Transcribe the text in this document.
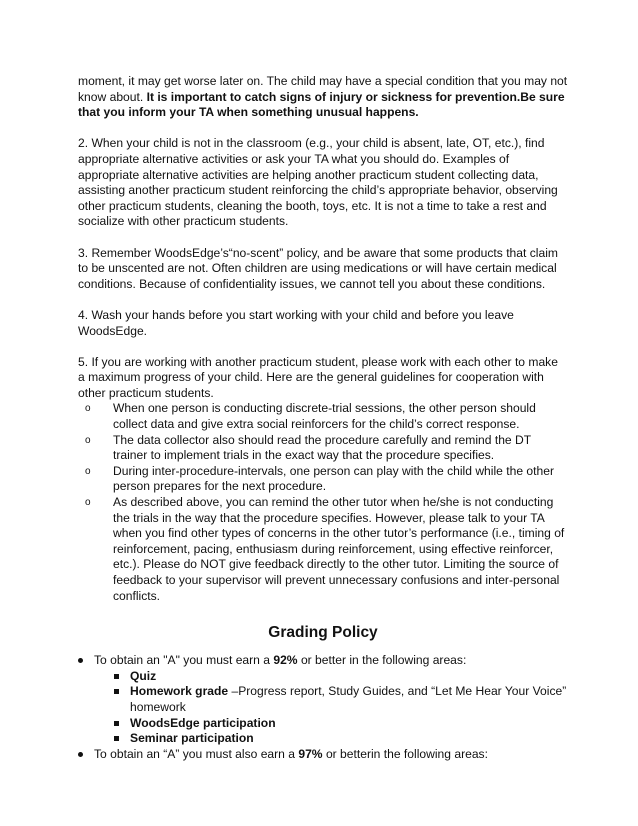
moment, it may get worse later on. The child may have a special condition that you may not know about. It is important to catch signs of injury or sickness for prevention.Be sure that you inform your TA when something unusual happens.

2. When your child is not in the classroom (e.g., your child is absent, late, OT, etc.), find appropriate alternative activities or ask your TA what you should do. Examples of appropriate alternative activities are helping another practicum student collecting data, assisting another practicum student reinforcing the child’s appropriate behavior, observing other practicum students, cleaning the booth, toys, etc. It is not a time to take a rest and socialize with other practicum students.

3. Remember WoodsEdge’s“no-scent” policy, and be aware that some products that claim to be unscented are not. Often children are using medications or will have certain medical conditions. Because of confidentiality issues, we cannot tell you about these conditions.

4. Wash your hands before you start working with your child and before you leave WoodsEdge.

5. If you are working with another practicum student, please work with each other to make a maximum progress of your child. Here are the general guidelines for cooperation with other practicum students.

o When one person is conducting discrete-trial sessions, the other person should collect data and give extra social reinforcers for the child’s correct response.
o The data collector also should read the procedure carefully and remind the DT trainer to implement trials in the exact way that the procedure specifies.
o During inter-procedure-intervals, one person can play with the child while the other person prepares for the next procedure.
o As described above, you can remind the other tutor when he/she is not conducting the trials in the way that the procedure specifies. However, please talk to your TA when you find other types of concerns in the other tutor’s performance (i.e., timing of reinforcement, pacing, enthusiasm during reinforcement, using effective reinforcer, etc.). Please do NOT give feedback directly to the other tutor. Limiting the source of feedback to your supervisor will prevent unnecessary confusions and inter-personal conflicts.
Grading Policy
To obtain an "A" you must earn a 92% or better in the following areas:
Quiz
Homework grade –Progress report, Study Guides, and “Let Me Hear Your Voice” homework
WoodsEdge participation
Seminar participation
To obtain an “A” you must also earn a 97% or betterin the following areas:
